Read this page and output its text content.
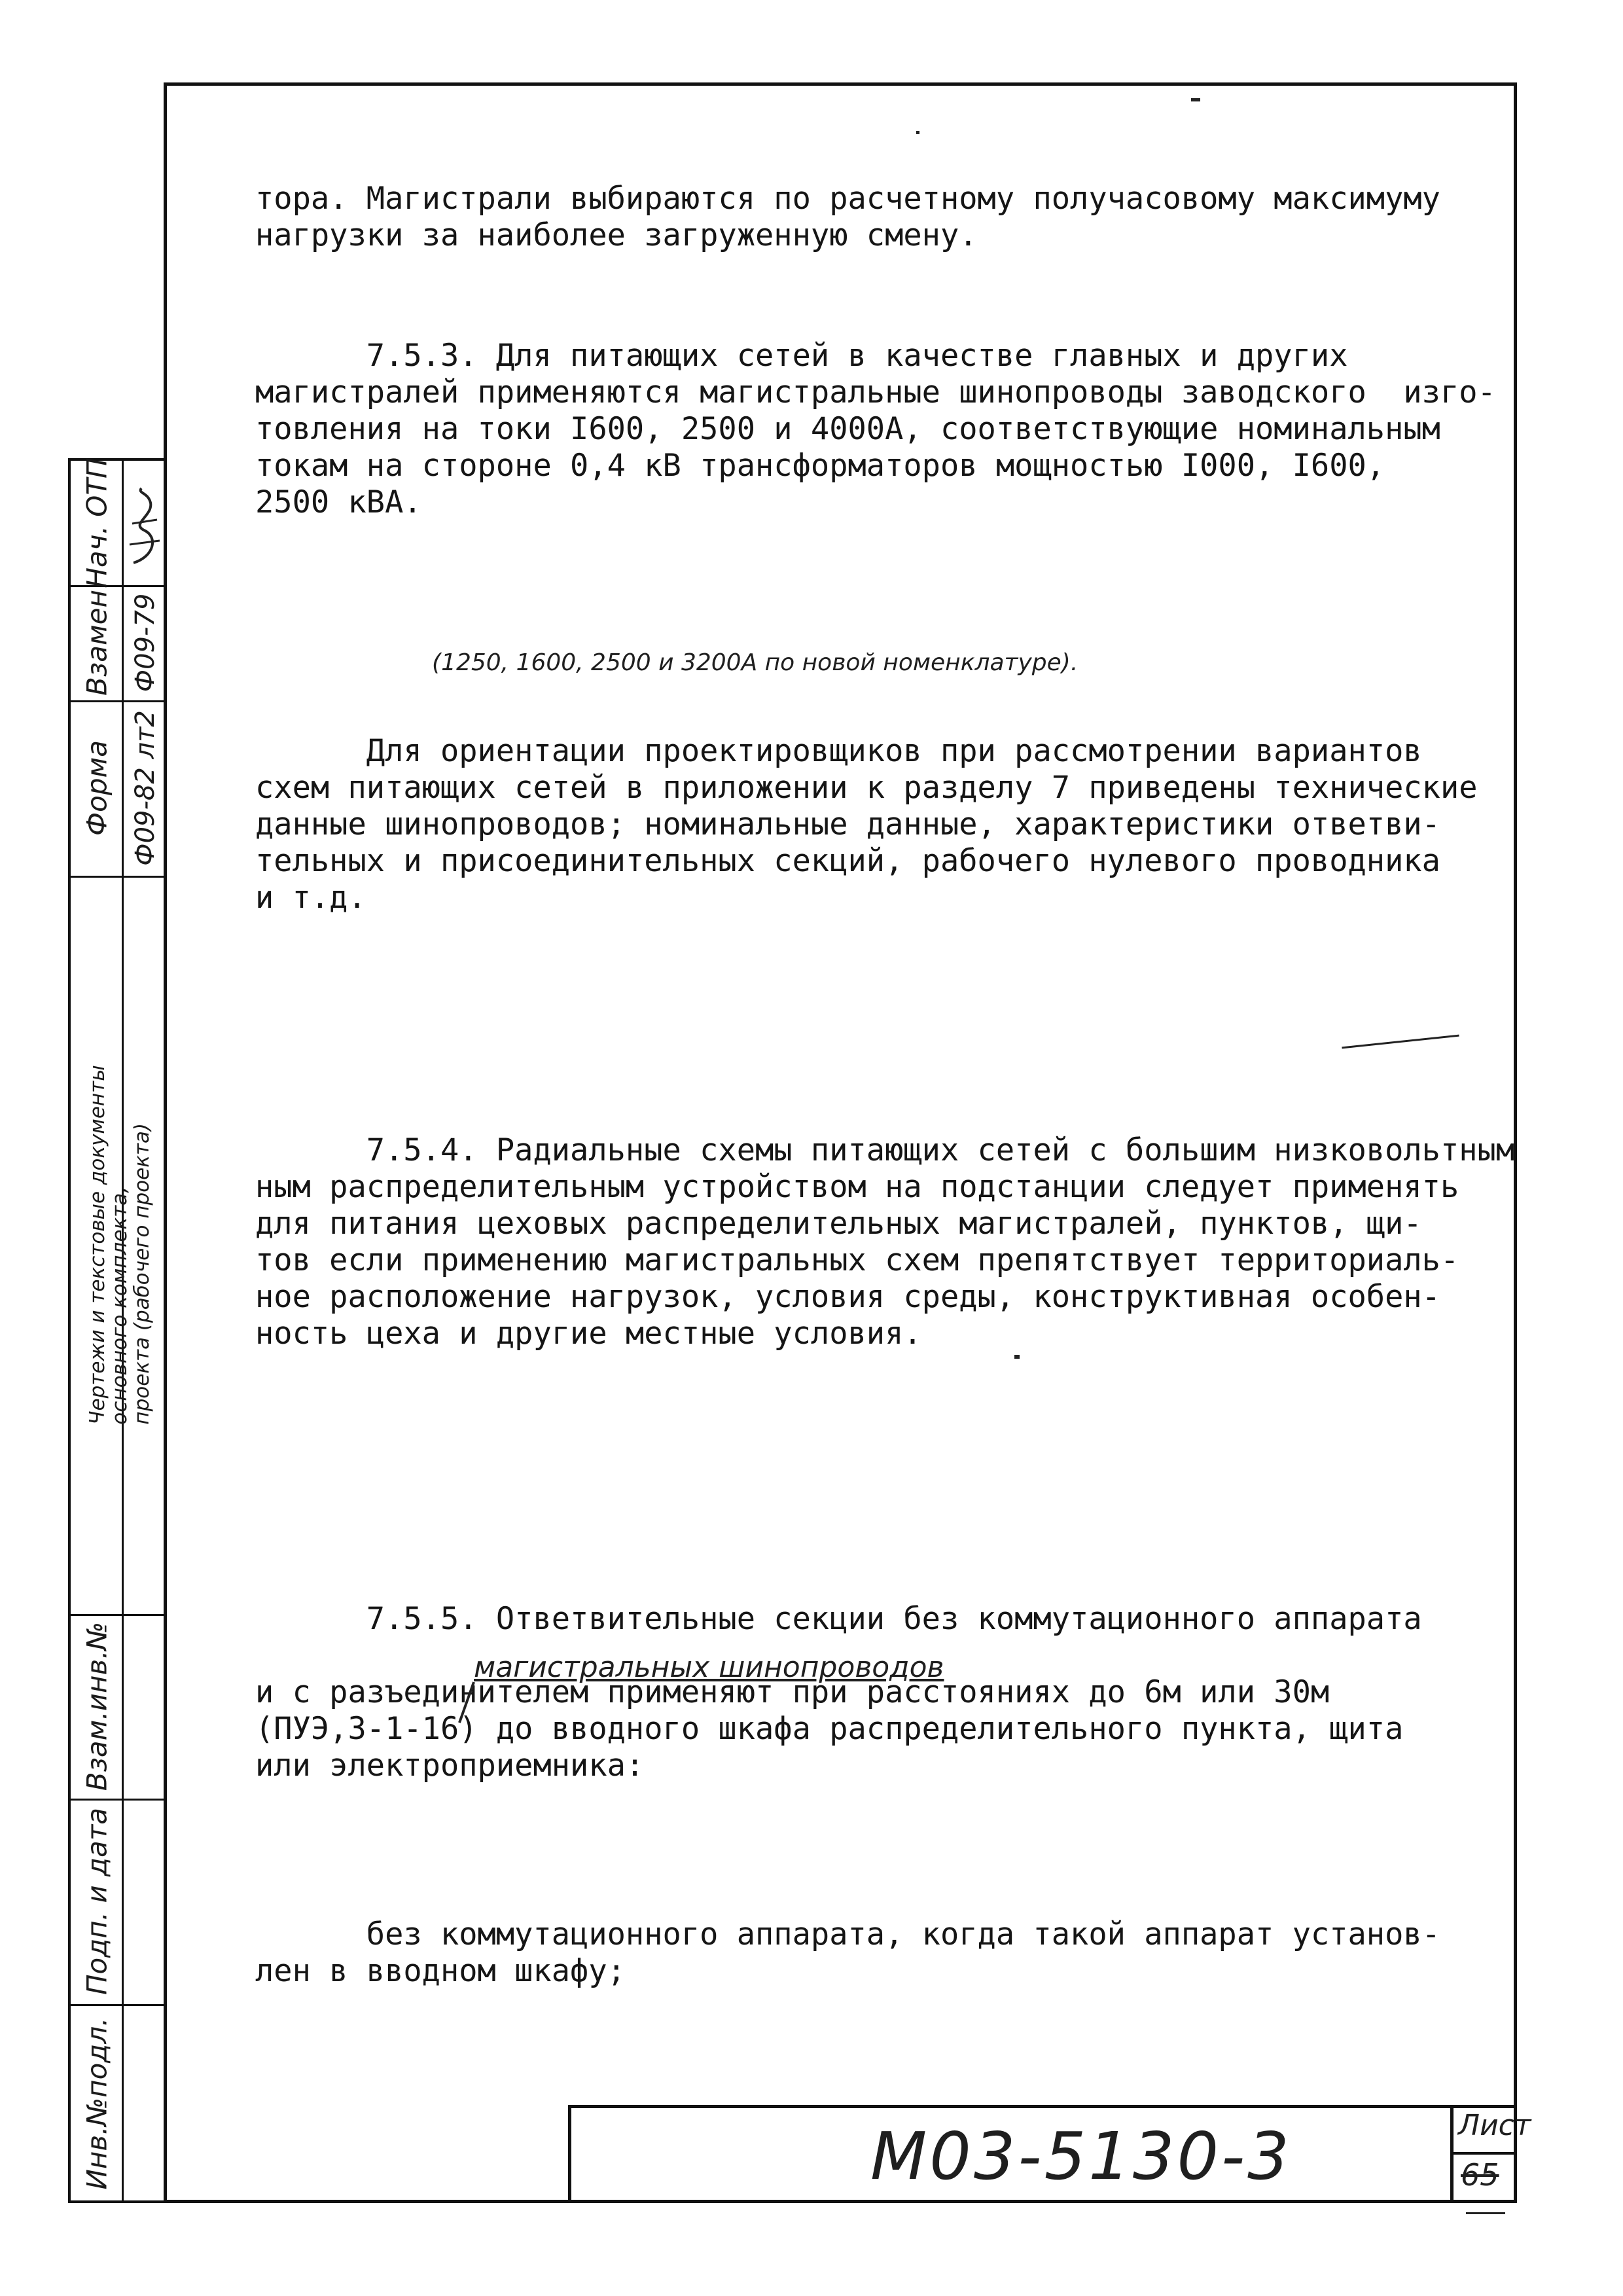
Нач. ОТП
Взамен Ф09-79
Форма Ф09-82 лт2
Чертежи и текстовые документы
основного комплекта,
проекта (рабочего проекта)
Взам.инв.№
Подп. и дата
Инв.№подл.
тора. Магистрали выбираются по расчетному получасовому максимуму
нагрузки за наиболее загруженную смену.
7.5.3. Для питающих сетей в качестве главных и других
магистралей применяются магистральные шинопроводы заводского  изго-
товления на токи I600, 2500 и 4000А, соответствующие номинальным
токам на стороне 0,4 кВ трансформаторов мощностью I000, I600,
2500 кВА.
(1250, 1600, 2500 и 3200А по новой номенклатуре).
Для ориентации проектировщиков при рассмотрении вариантов
схем питающих сетей в приложении к разделу 7 приведены технические
данные шинопроводов; номинальные данные, характеристики ответви-
тельных и присоединительных секций, рабочего нулевого проводника
и т.д.
7.5.4. Радиальные схемы питающих сетей с большим низковольтным
ным распределительным устройством на подстанции следует применять
для питания цеховых распределительных магистралей, пунктов, щи-
тов если применению магистральных схем препятствует территориаль-
ное расположение нагрузок, условия среды, конструктивная особен-
ность цеха и другие местные условия.
7.5.5. Ответвительные секции без коммутационного аппарата

и с разъединителем применяют при расстояниях до 6м или 30м
(ПУЭ,3-1-16) до вводного шкафа распределительного пункта, щита
или электроприемника:
магистральных шинопроводов
без коммутационного аппарата, когда такой аппарат установ-
лен в вводном шкафу;
М03-5130-3	Лист
65
